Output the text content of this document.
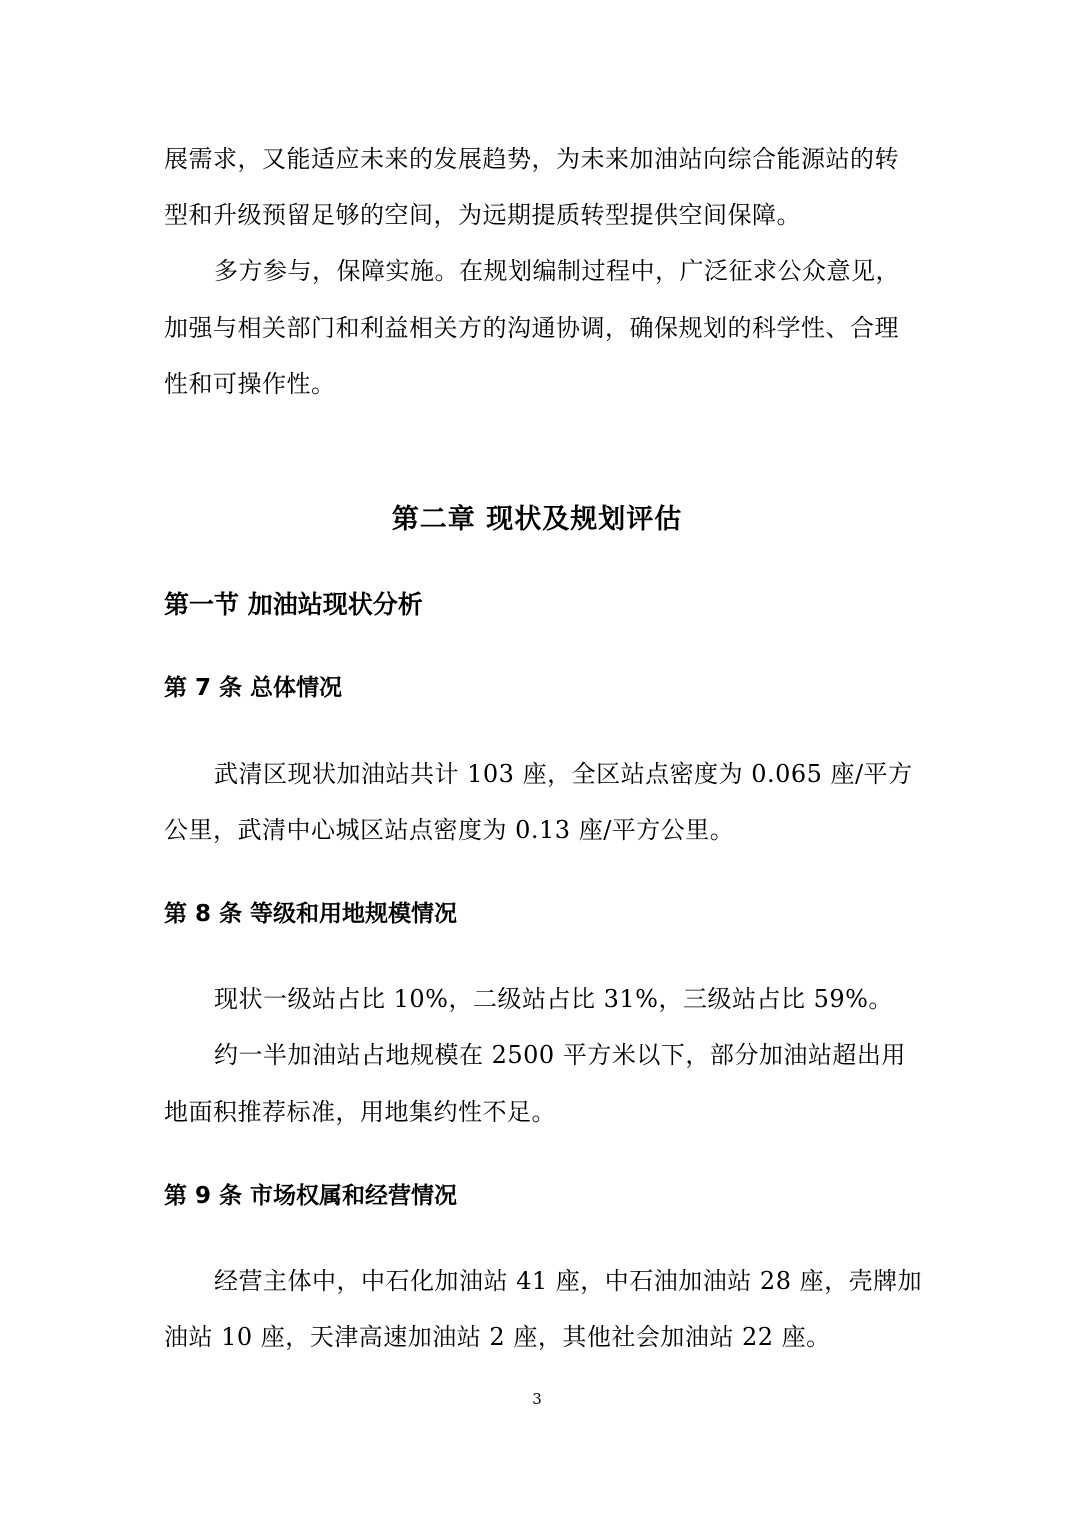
展需求，又能适应未来的发展趋势，为未来加油站向综合能源站的转
型和升级预留足够的空间，为远期提质转型提供空间保障。
多方参与，保障实施。在规划编制过程中，广泛征求公众意见，
加强与相关部门和利益相关方的沟通协调，确保规划的科学性、合理
性和可操作性。
第二章 现状及规划评估
第一节 加油站现状分析
第 7 条 总体情况
武清区现状加油站共计 103 座，全区站点密度为 0.065 座/平方
公里，武清中心城区站点密度为 0.13 座/平方公里。
第 8 条 等级和用地规模情况
现状一级站占比 10%，二级站占比 31%，三级站占比 59%。
约一半加油站占地规模在 2500 平方米以下，部分加油站超出用
地面积推荐标准，用地集约性不足。
第 9 条 市场权属和经营情况
经营主体中，中石化加油站 41 座，中石油加油站 28 座，壳牌加
油站 10 座，天津高速加油站 2 座，其他社会加油站 22 座。
3
